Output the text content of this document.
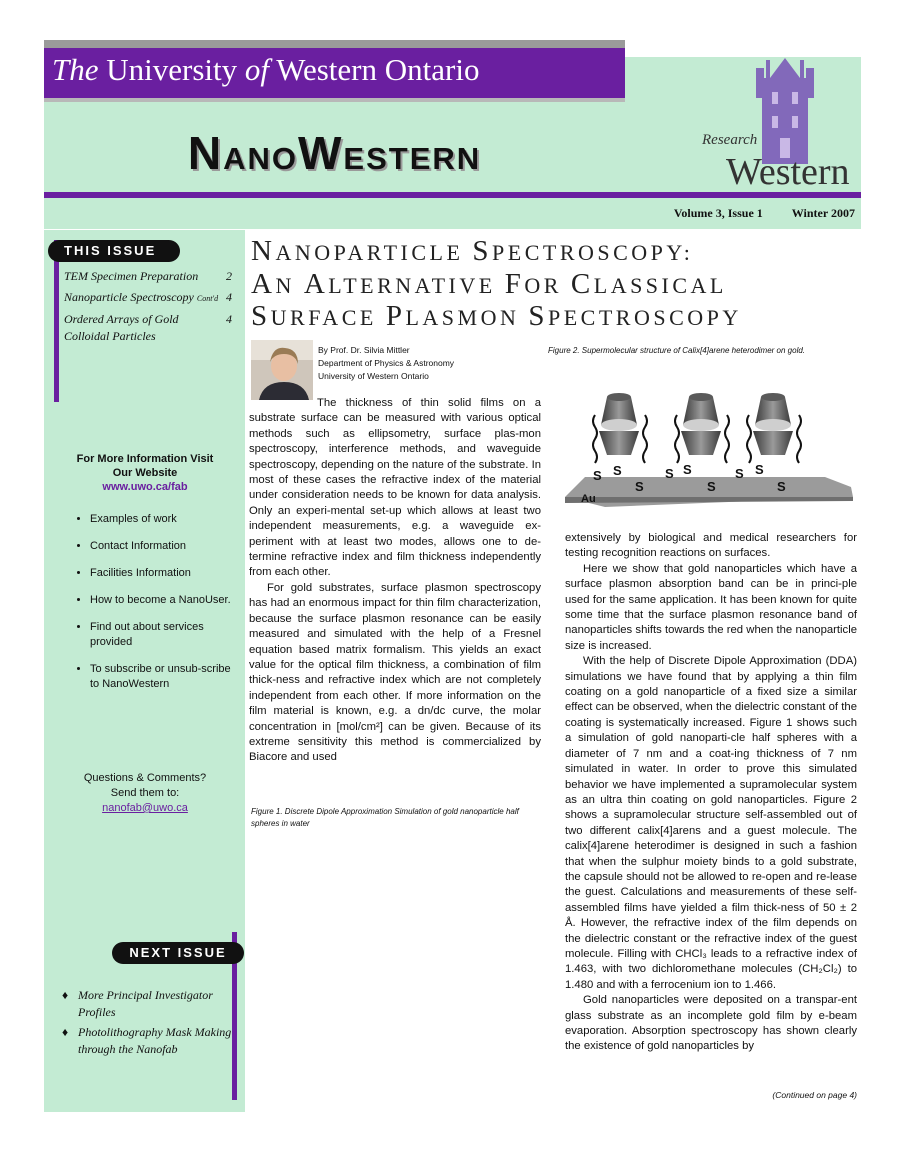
The University of Western Ontario
NANOWESTERN
Research
Western
Volume 3, Issue 1 Winter 2007
THIS ISSUE
TEM Specimen Preparation 2
Nanoparticle Spectroscopy Cont'd 4
Ordered Arrays of Gold Colloidal Particles
4
For More Information Visit
Our Website
www.uwo.ca/fab
• Examples of work
• Contact Information
• Facilities Information
• How to become a NanoUser.
• Find out about services provided
• To subscribe or unsub-scribe to NanoWestern
Questions & Comments?
Send them to:
nanofab@uwo.ca
NEXT ISSUE
♦ More Principal Investigator Profiles
♦ Photolithography Mask Making through the Nanofab
NANOPARTICLE SPECTROSCOPY:
AN ALTERNATIVE FOR CLASSICAL
SURFACE PLASMON SPECTROSCOPY
By Prof. Dr. Silvia Mittler
Department of Physics & Astronomy
University of Western Ontario

The thickness of thin solid films on a substrate surface can be measured with various optical methods such as ellipsometry, surface plas-mon spectroscopy, interference methods, and waveguide spectroscopy, depending on the nature of the substrate. In most of these cases the refractive index of the material under consideration needs to be known for data analysis. Only an experi-mental set-up which allows at least two independent measurements, e.g. a waveguide ex-periment with at least two modes, allows one to de-termine refractive index and film thickness independently from each other.

For gold substrates, surface plasmon spectroscopy has had an enormous impact for thin film characterization, because the surface plasmon resonance can be easily measured and simulated with the help of a Fresnel equation based matrix formalism. This yields an exact value for the optical film thickness, a combination of film thick-ness and refractive index which are not completely independent from each other. If more information on the film material is known, e.g. a dn/dc curve, the molar concentration in [mol/cm²] can be given. Because of its extreme sensitivity this method is commercialized by Biacore and used

Figure 1. Discrete Dipole Approximation Simulation of gold nanoparticle half spheres in water
Figure 2. Supermolecular structure of Calix[4]arene heterodimer on gold.
S S
S
S S
S
S S
S
Au

extensively by biological and medical researchers for testing recognition reactions on surfaces.

Here we show that gold nanoparticles which have a surface plasmon absorption band can be in princi-ple used for the same application. It has been known for quite some time that the surface plasmon resonance band of nanoparticles shifts towards the red when the nanoparticle size is increased.

With the help of Discrete Dipole Approximation (DDA) simulations we have found that by applying a thin film coating on a gold nanoparticle of a fixed size a similar effect can be observed, when the dielectric constant of the coating is systematically increased. Figure 1 shows such a simulation of gold nanoparti-cle half spheres with a diameter of 7 nm and a coat-ing thickness of 7 nm simulated in water. In order to prove this simulated behavior we have implemented a supramolecular system as an ultra thin coating on gold nanoparticles. Figure 2 shows a supramolecular structure self-assembled out of two different calix[4]arens and a guest molecule. The calix[4]arene heterodimer is designed in such a fashion that when the sulphur moiety binds to a gold substrate, the capsule should not be allowed to re-open and re-lease the guest. Calculations and measurements of these self-assembled films have yielded a film thick-ness of 50 ± 2 Å. However, the refractive index of the film depends on the dielectric constant or the refractive index of the guest molecule. Filling with CHCl₃ leads to a refractive index of 1.463, with two dichloromethane molecules (CH₂Cl₂) to 1.480 and with a ferrocenium ion to 1.466.

Gold nanoparticles were deposited on a transpar-ent glass substrate as an incomplete gold film by e-beam evaporation. Absorption spectroscopy has shown clearly the existence of gold nanoparticles by

(Continued on page 4)
